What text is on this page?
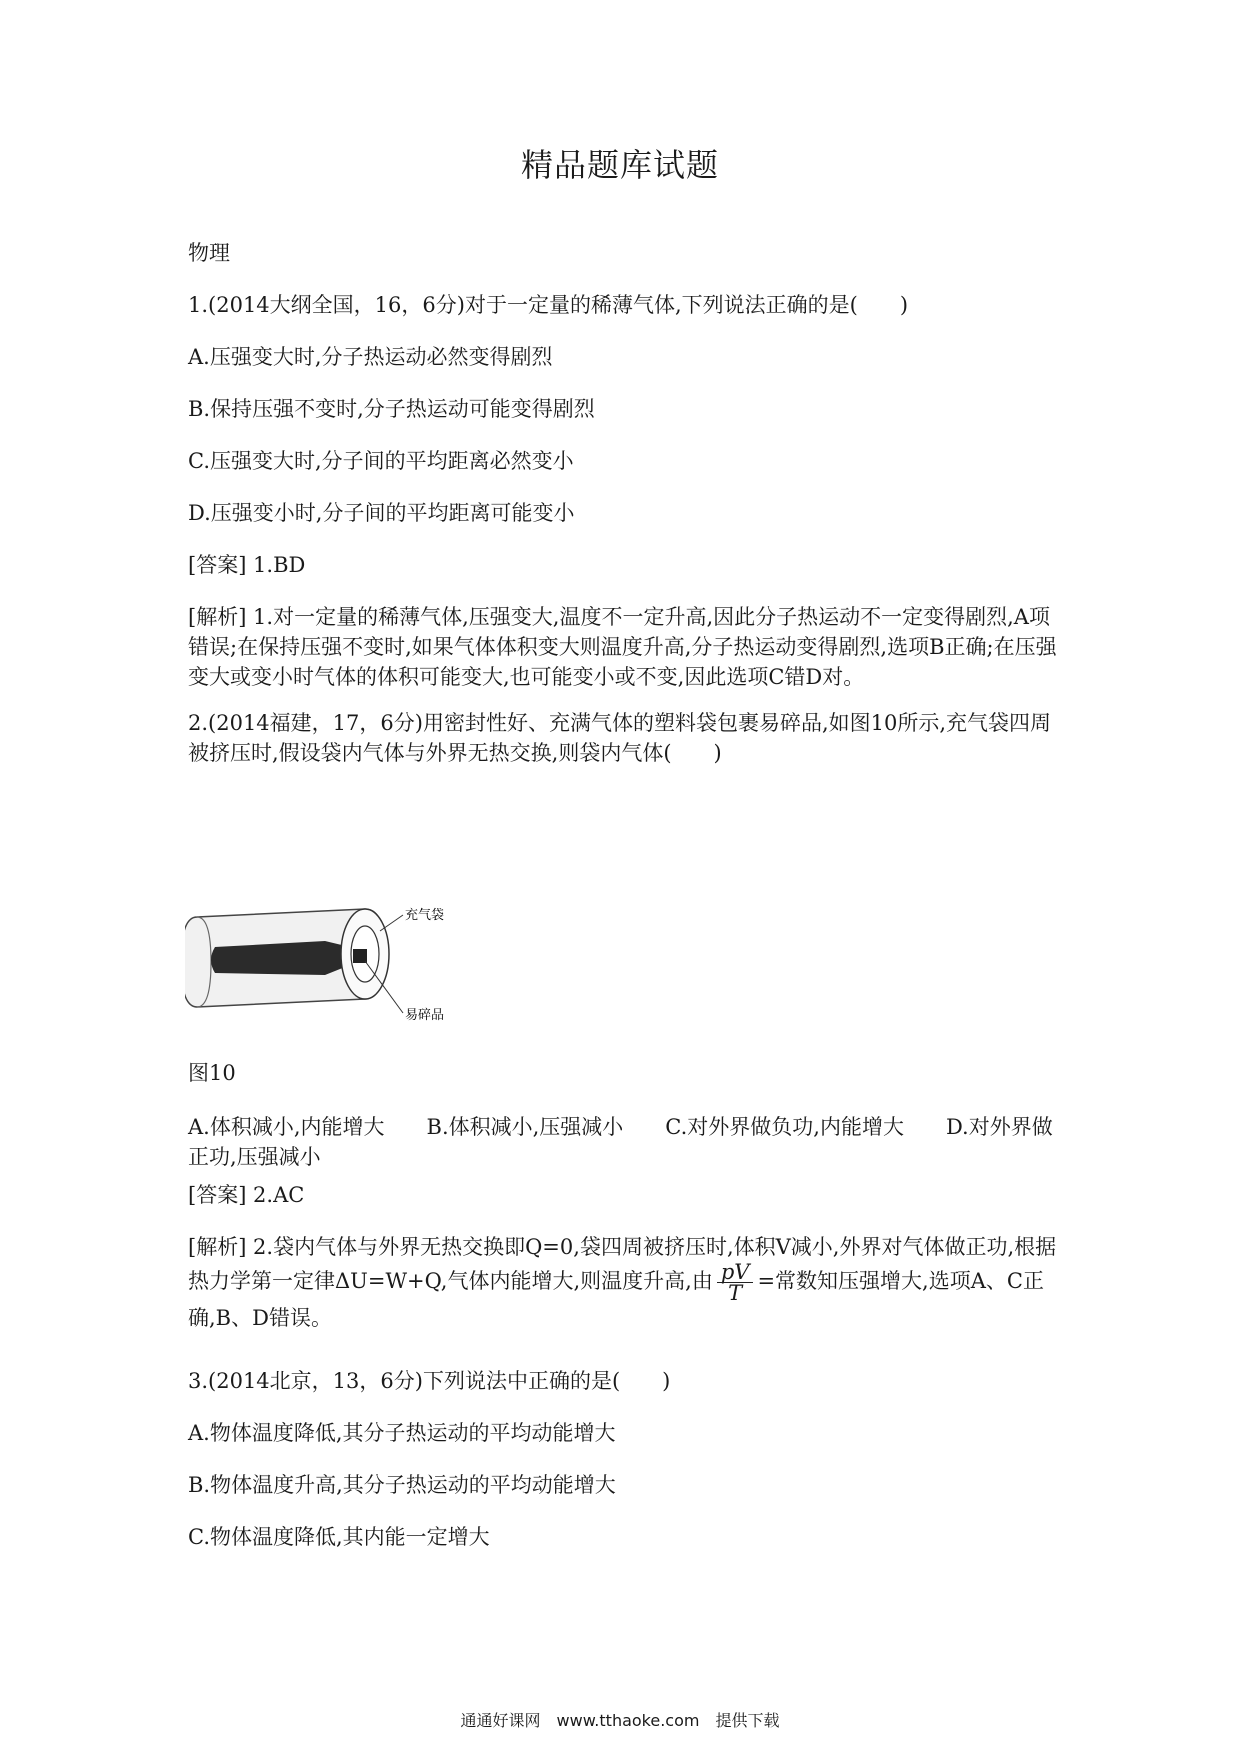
精品题库试题
物理
1.(2014大纲全国，16，6分)对于一定量的稀薄气体,下列说法正确的是(　　)
A.压强变大时,分子热运动必然变得剧烈
B.保持压强不变时,分子热运动可能变得剧烈
C.压强变大时,分子间的平均距离必然变小
D.压强变小时,分子间的平均距离可能变小
[答案] 1.BD
[解析] 1.对一定量的稀薄气体,压强变大,温度不一定升高,因此分子热运动不一定变得剧烈,A项错误;在保持压强不变时,如果气体体积变大则温度升高,分子热运动变得剧烈,选项B正确;在压强变大或变小时气体的体积可能变大,也可能变小或不变,因此选项C错D对。
2.(2014福建，17，6分)用密封性好、充满气体的塑料袋包裹易碎品,如图10所示,充气袋四周被挤压时,假设袋内气体与外界无热交换,则袋内气体(　　)
充气袋
易碎品
图10
A.体积减小,内能增大　　B.体积减小,压强减小　　C.对外界做负功,内能增大　　D.对外界做正功,压强减小
[答案] 2.AC
[解析] 2.袋内气体与外界无热交换即Q=0,袋四周被挤压时,体积V减小,外界对气体做正功,根据热力学第一定律ΔU=W+Q,气体内能增大,则温度升高,由 $\frac{pV}{T}$ =常数知压强增大,选项A、C正确,B、D错误。
3.(2014北京，13，6分)下列说法中正确的是(　　)
A.物体温度降低,其分子热运动的平均动能增大
B.物体温度升高,其分子热运动的平均动能增大
C.物体温度降低,其内能一定增大
通通好课网　www.tthaoke.com　提供下载
